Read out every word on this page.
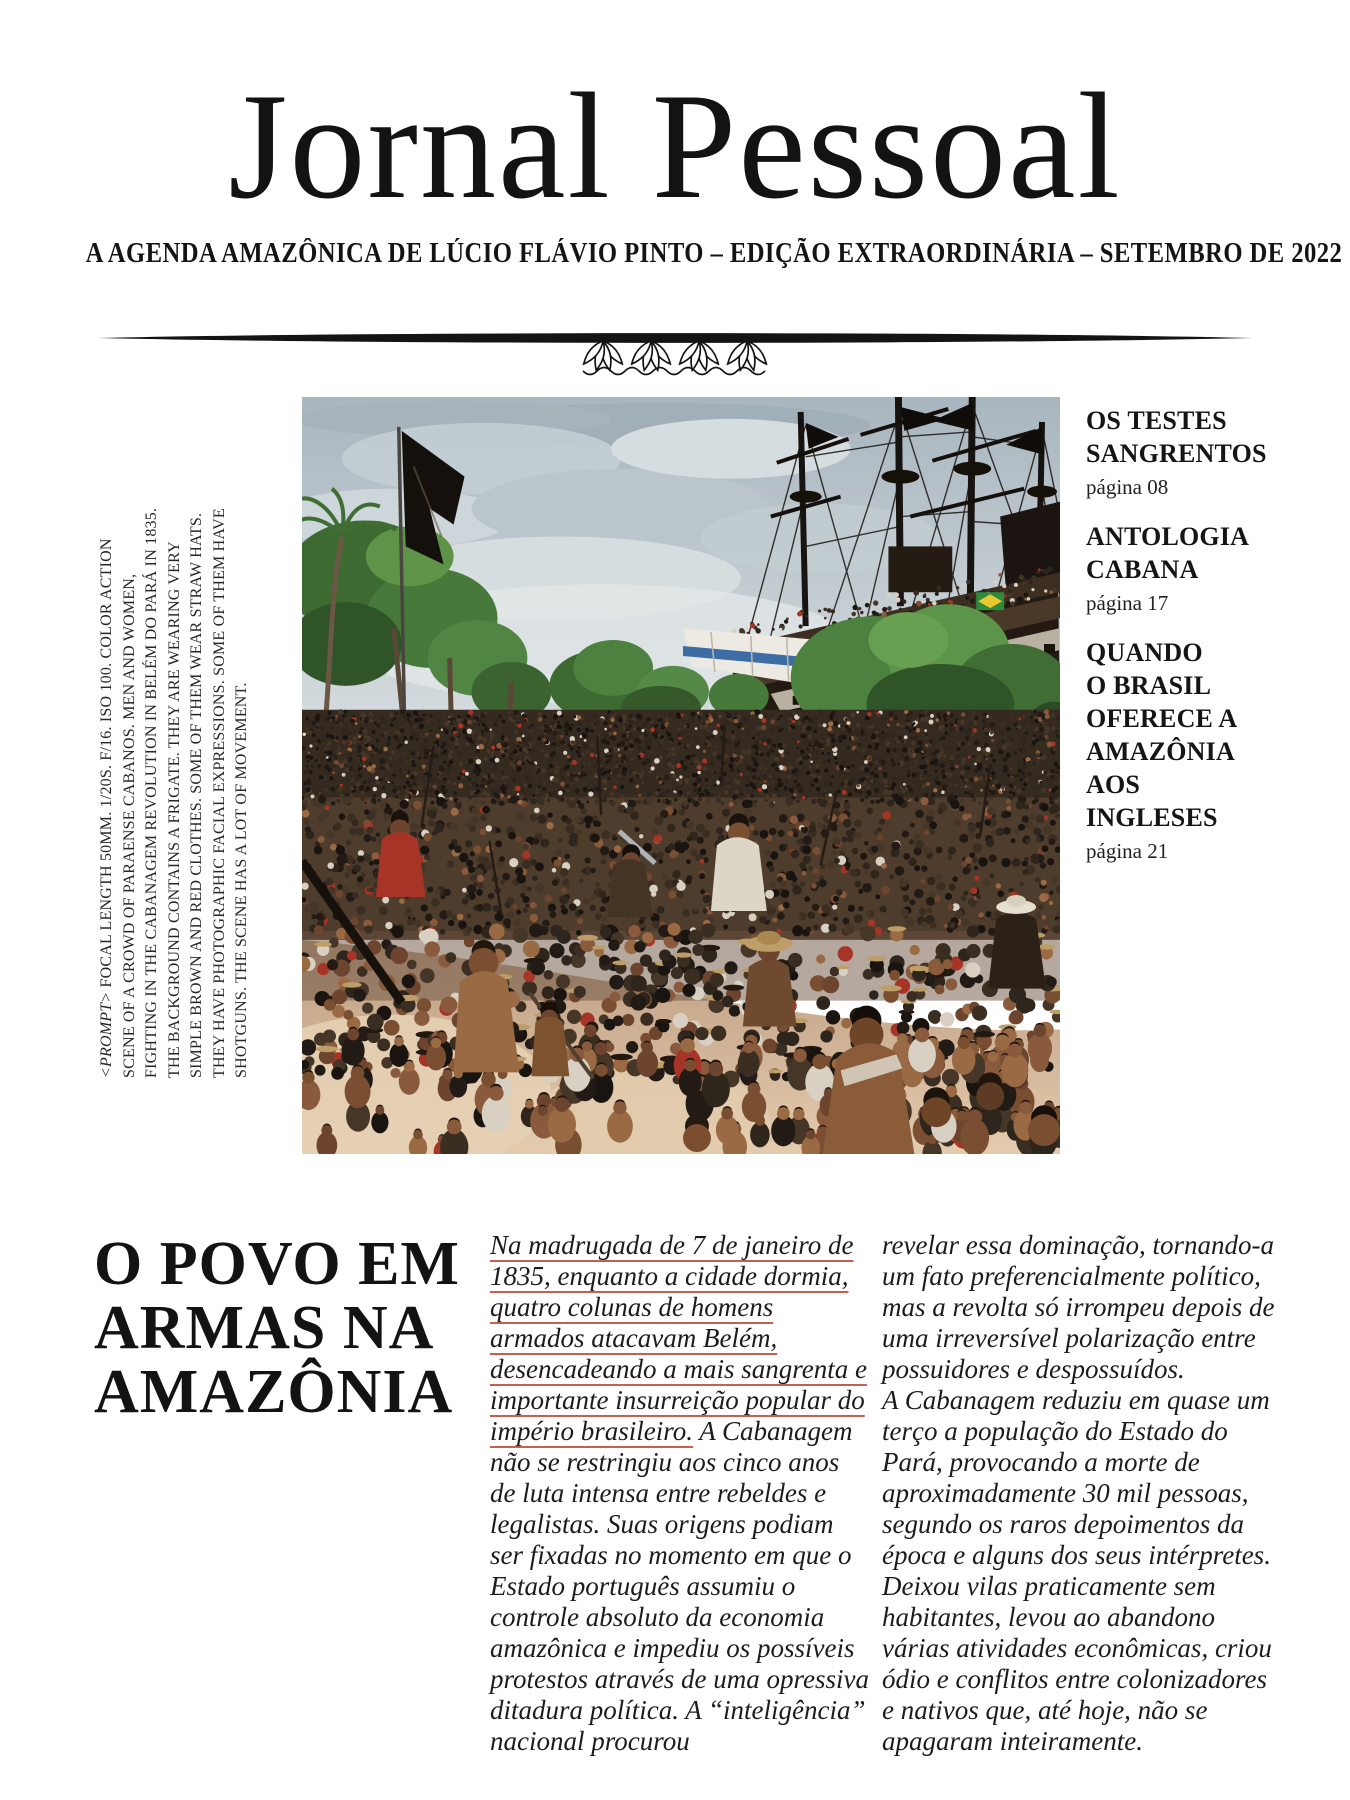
Jornal Pessoal
A AGENDA AMAZÔNICA DE LÚCIO FLÁVIO PINTO – EDIÇÃO EXTRAORDINÁRIA – SETEMBRO DE 2022
<PROMPT> FOCAL LENGTH 50MM. 1/20S. F/16. ISO 100. COLOR ACTION SCENE OF A CROWD OF PARAENSE CABANOS. MEN AND WOMEN, FIGHTING IN THE CABANAGEM REVOLUTION IN BELÉM DO PARÁ IN 1835. THE BACKGROUND CONTAINS A FRIGATE. THEY ARE WEARING VERY SIMPLE BROWN AND RED CLOTHES. SOME OF THEM WEAR STRAW HATS. THEY HAVE PHOTOGRAPHIC FACIAL EXPRESSIONS. SOME OF THEM HAVE SHOTGUNS. THE SCENE HAS A LOT OF MOVEMENT.
OS TESTES
SANGRENTOS
página 08
ANTOLOGIA
CABANA
página 17
QUANDO
O BRASIL
OFERECE A
AMAZÔNIA
AOS INGLESES
página 21
O POVO EM
ARMAS NA
AMAZÔNIA
Na madrugada de 7 de janeiro de 1835, enquanto a cidade dormia, quatro colunas de homens armados atacavam Belém, desencadeando a mais sangrenta e importante insurreição popular do império brasileiro. A Cabanagem não se restringiu aos cinco anos de luta intensa entre rebeldes e legalistas. Suas origens podiam ser fixadas no momento em que o Estado português assumiu o controle absoluto da economia amazônica e impediu os possíveis protestos através de uma opressiva ditadura política. A “inteligência” nacional procurou

revelar essa dominação, tornando-a um fato preferencialmente político, mas a revolta só irrompeu depois de uma irreversível polarização entre possuidores e despossuídos.

A Cabanagem reduziu em quase um terço a população do Estado do Pará, provocando a morte de aproximadamente 30 mil pessoas, segundo os raros depoimentos da época e alguns dos seus intérpretes. Deixou vilas praticamente sem habitantes, levou ao abandono várias atividades econômicas, criou ódio e conflitos entre colonizadores e nativos que, até hoje, não se apagaram inteiramente.
